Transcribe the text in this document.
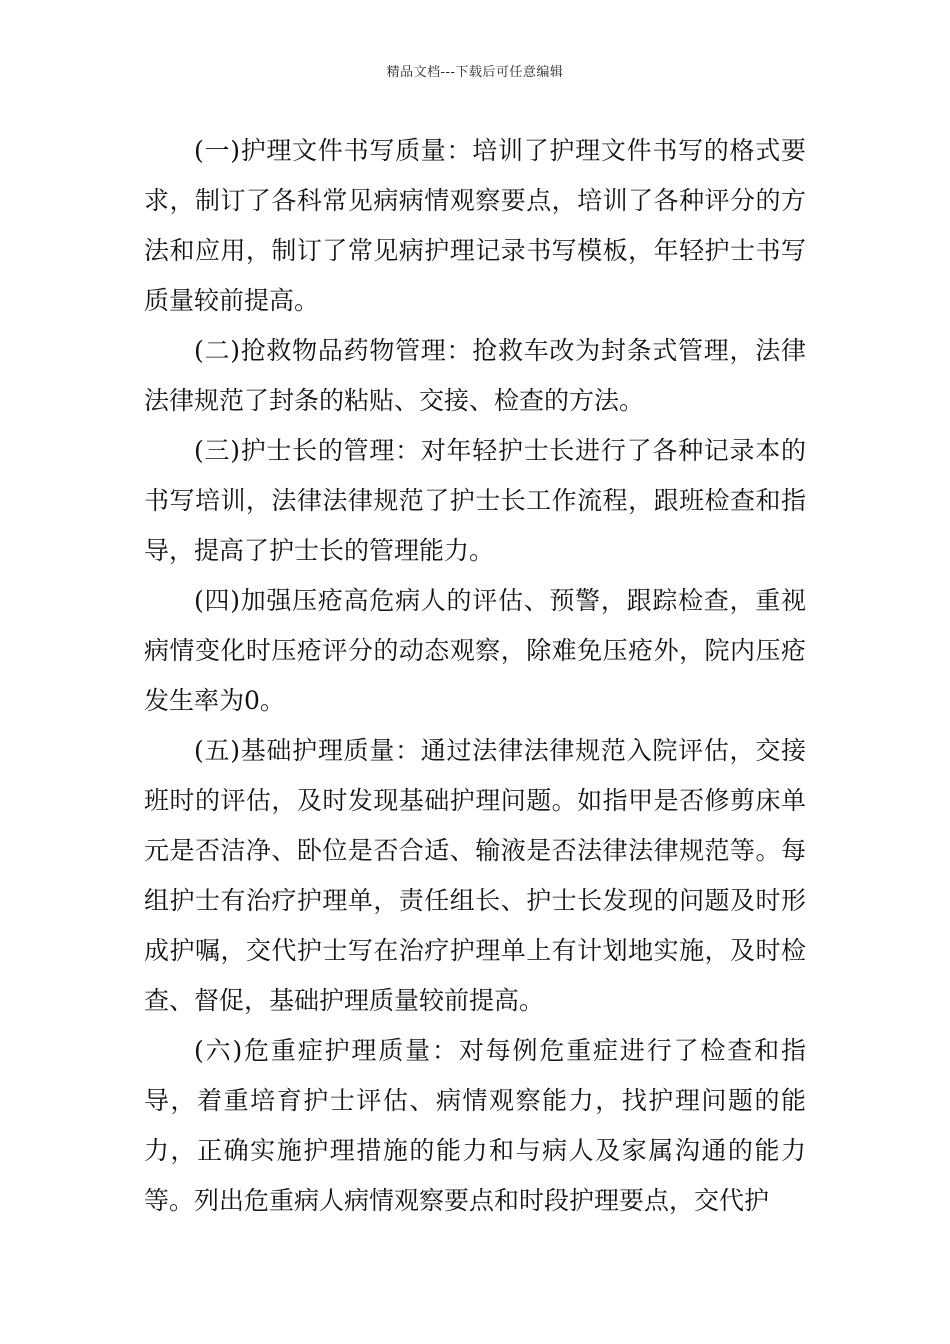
精品文档---下载后可任意编辑

(一)护理文件书写质量：培训了护理文件书写的格式要求，制订了各科常见病病情观察要点，培训了各种评分的方法和应用，制订了常见病护理记录书写模板，年轻护士书写质量较前提高。

(二)抢救物品药物管理：抢救车改为封条式管理，法律法律规范了封条的粘贴、交接、检查的方法。

(三)护士长的管理：对年轻护士长进行了各种记录本的书写培训，法律法律规范了护士长工作流程，跟班检查和指导，提高了护士长的管理能力。

(四)加强压疮高危病人的评估、预警，跟踪检查，重视病情变化时压疮评分的动态观察，除难免压疮外，院内压疮发生率为0。

(五)基础护理质量：通过法律法律规范入院评估，交接班时的评估，及时发现基础护理问题。如指甲是否修剪床单元是否洁净、卧位是否合适、输液是否法律法律规范等。每组护士有治疗护理单，责任组长、护士长发现的问题及时形成护嘱，交代护士写在治疗护理单上有计划地实施，及时检查、督促，基础护理质量较前提高。

(六)危重症护理质量：对每例危重症进行了检查和指导，着重培育护士评估、病情观察能力，找护理问题的能力，正确实施护理措施的能力和与病人及家属沟通的能力等。列出危重病人病情观察要点和时段护理要点，交代护
